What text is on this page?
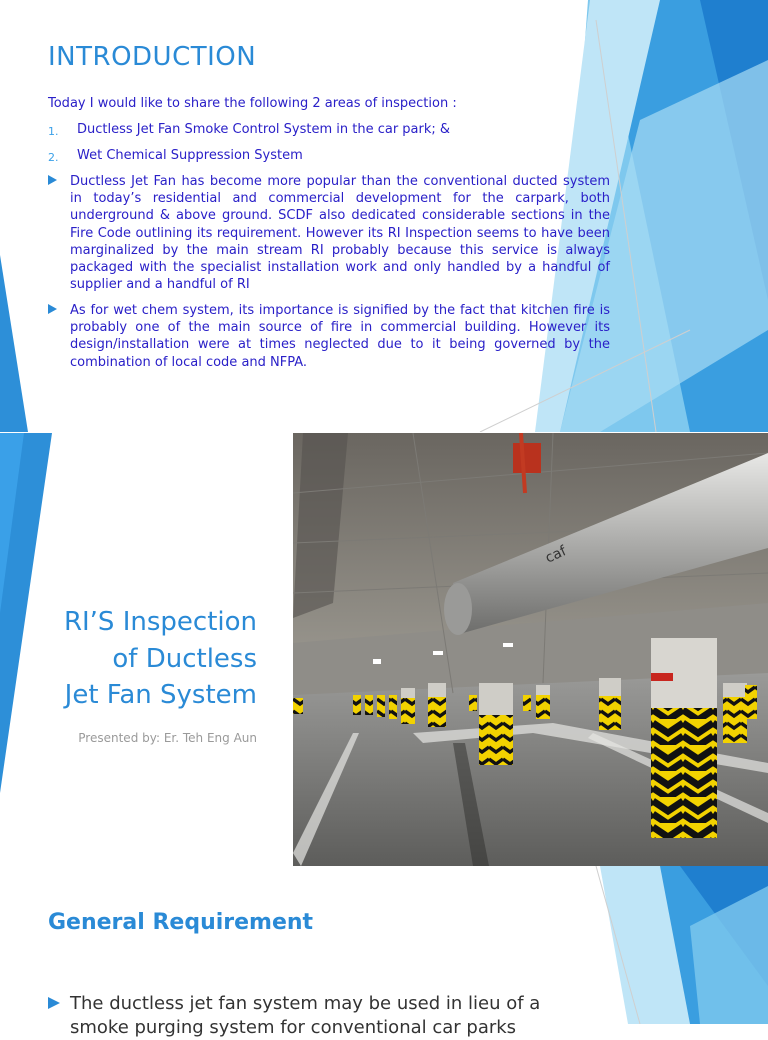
INTRODUCTION
Today I would like to share the following 2 areas of inspection :
1. Ductless Jet Fan Smoke Control System in the car park; &
2. Wet Chemical Suppression System
Ductless Jet Fan has become more popular than the conventional ducted system in today’s residential and commercial development for the carpark, both underground & above ground. SCDF also dedicated considerable sections in the Fire Code outlining its requirement. However its RI Inspection seems to have been marginalized by the main stream RI probably because this service is always packaged with the specialist installation work and only handled by a handful of supplier and a handful of RI
As for wet chem system, its importance is signified by the fact that kitchen fire is probably one of the main source of fire in commercial building. However its design/installation were at times neglected due to it being governed by the combination of local code and NFPA.
RI’S Inspection
of Ductless
Jet Fan System
Presented by: Er. Teh Eng Aun
caf
General Requirement
The ductless jet fan system may be used in lieu of a smoke purging system for conventional car parks
